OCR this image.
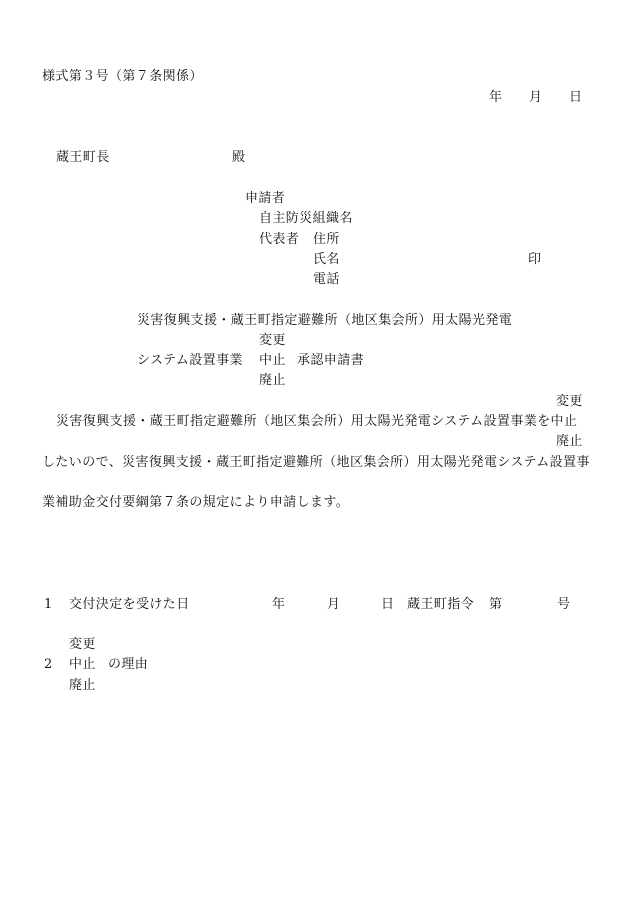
様式第３号（第７条関係）
年 月 日
蔵王町長	殿
申請者
自主防災組織名
代表者 住所
氏名	印
電話
災害復興支援・蔵王町指定避難所（地区集会所）用太陽光発電
変更
システム設置事業 中止 承認申請書
廃止
変更
災害復興支援・蔵王町指定避難所（地区集会所）用太陽光発電システム設置事業を中止
廃止
したいので、災害復興支援・蔵王町指定避難所（地区集会所）用太陽光発電システム設置事
業補助金交付要綱第７条の規定により申請します。
1 交付決定を受けた日	年	月	日 蔵王町指令 第	号
変更
2 中止 の理由
廃止
